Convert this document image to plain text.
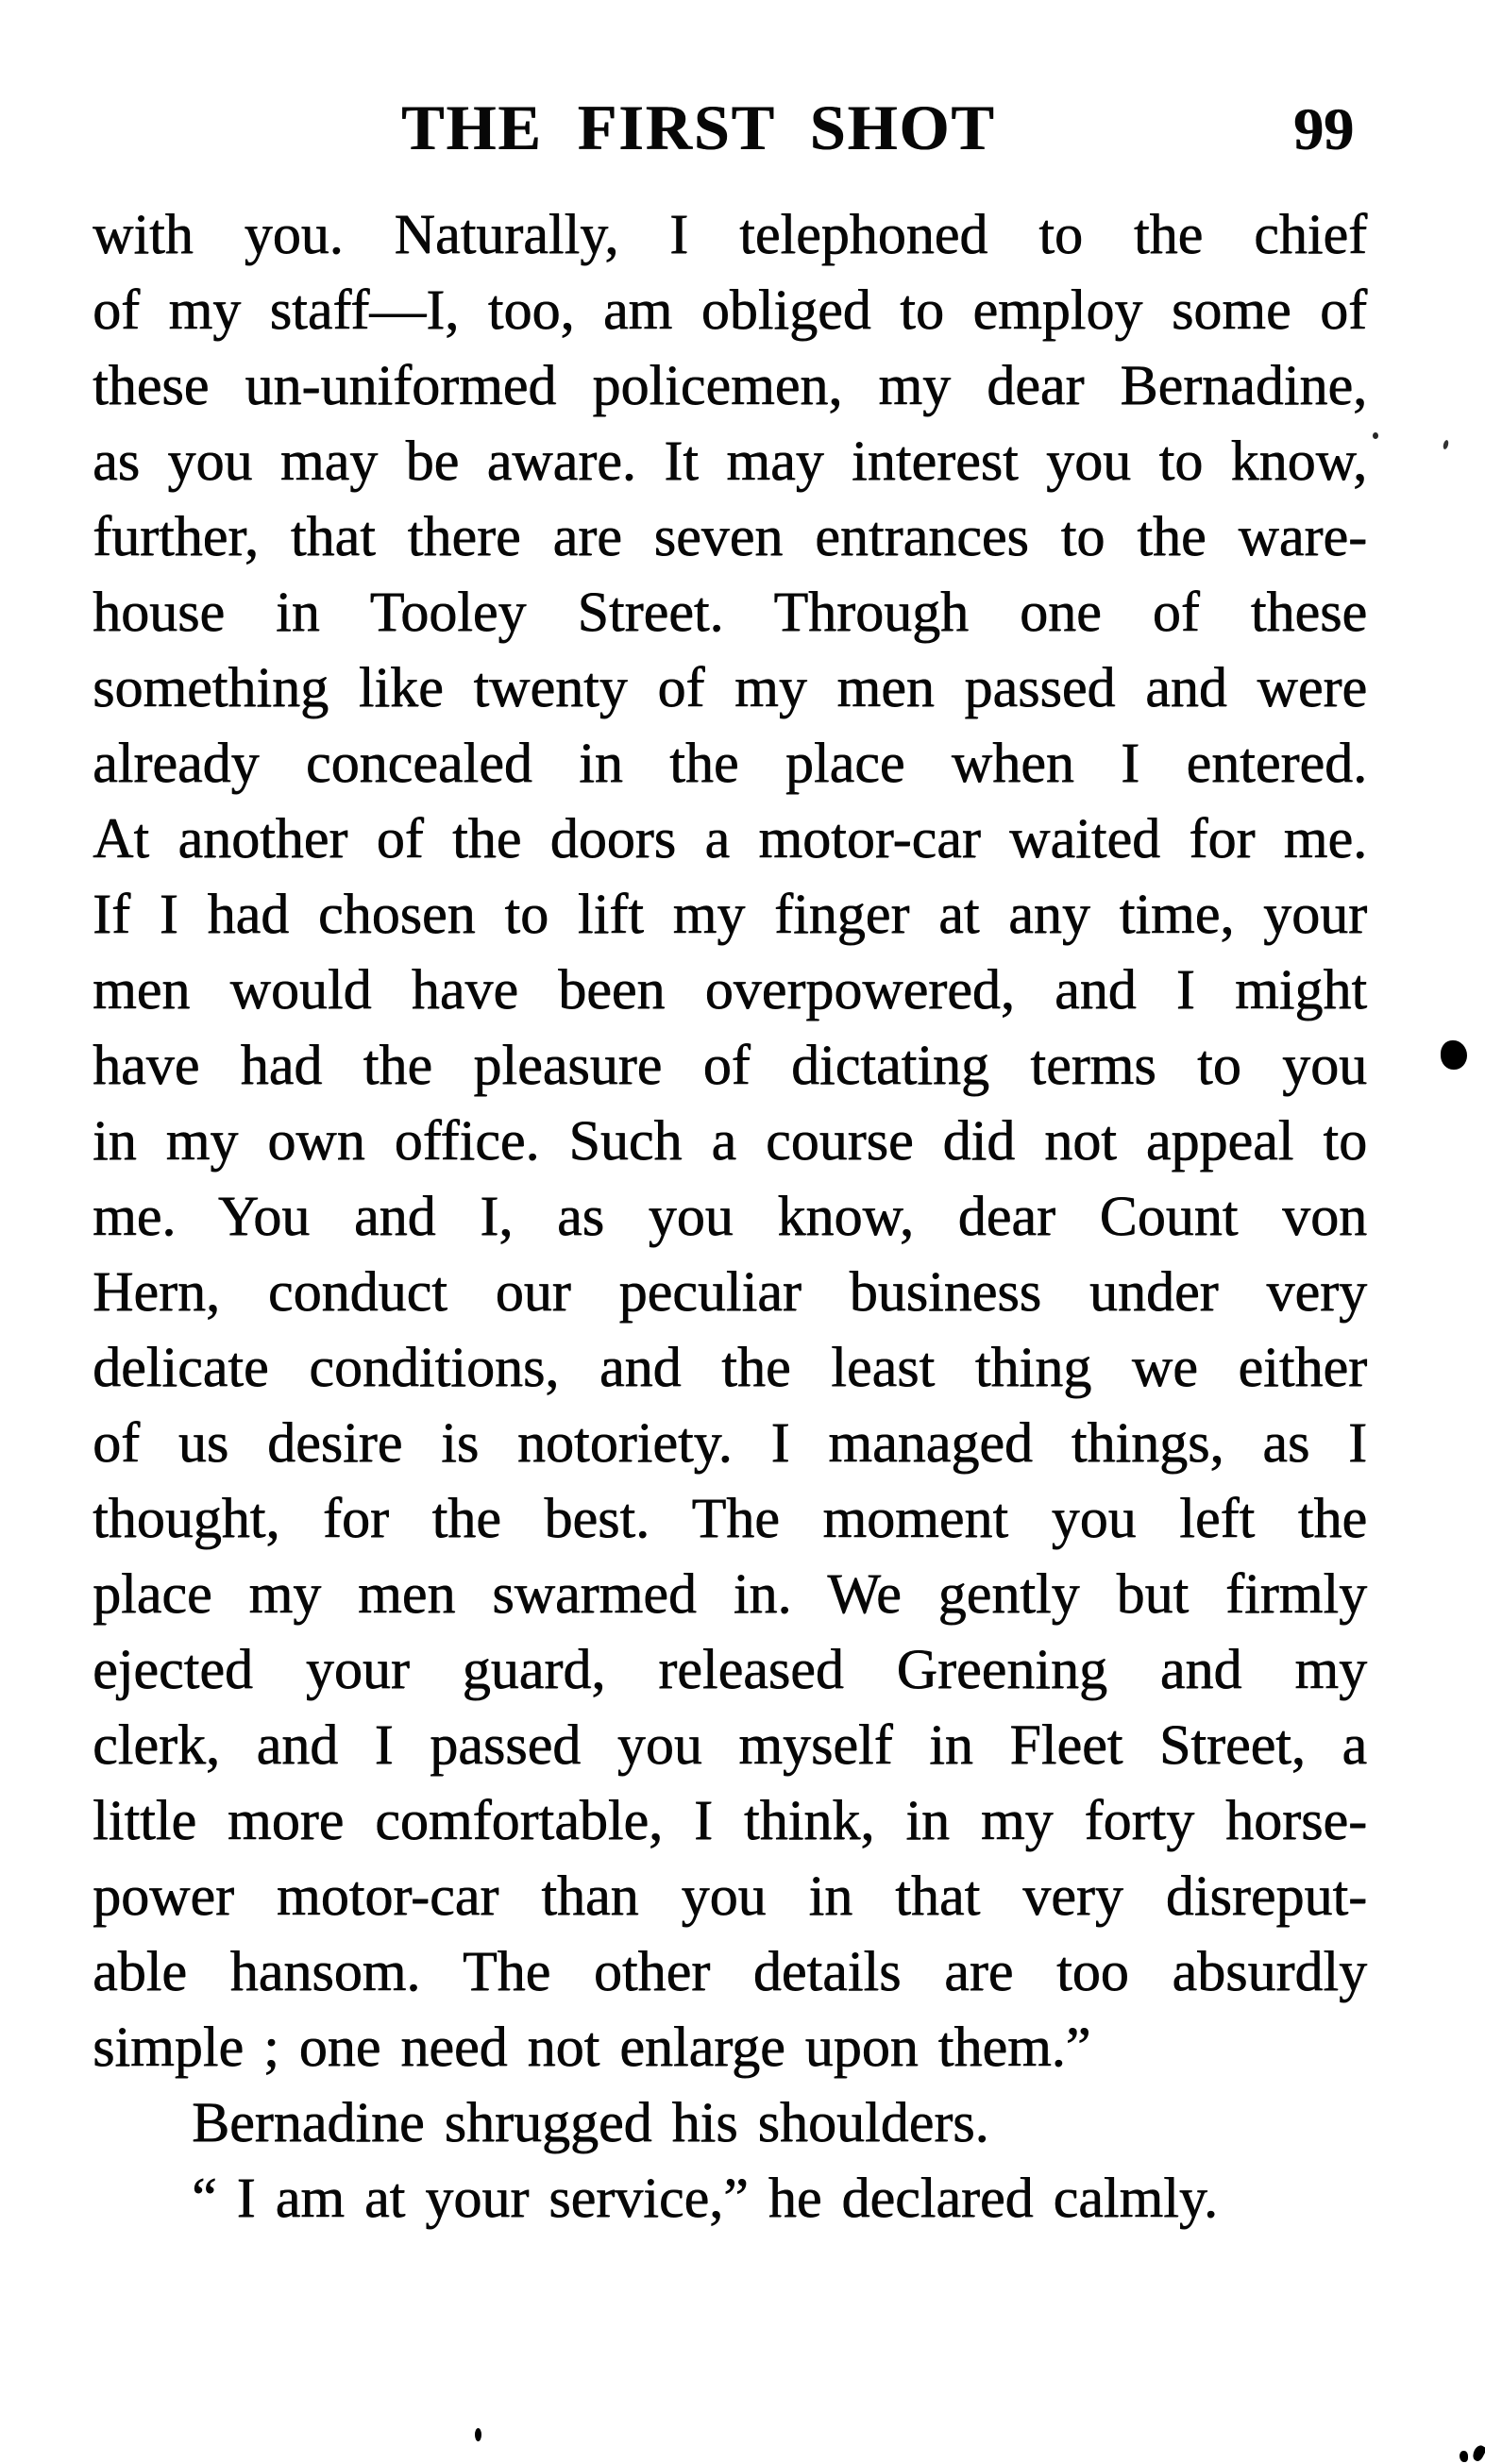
THE FIRST SHOT	99
with you. Naturally, I telephoned to the chief
of my staff—I, too, am obliged to employ some of
these un-uniformed policemen, my dear Bernadine,
as you may be aware. It may interest you to know,
further, that there are seven entrances to the ware-
house in Tooley Street. Through one of these
something like twenty of my men passed and were
already concealed in the place when I entered.
At another of the doors a motor-car waited for me.
If I had chosen to lift my finger at any time, your
men would have been overpowered, and I might
have had the pleasure of dictating terms to you
in my own office. Such a course did not appeal to
me. You and I, as you know, dear Count von
Hern, conduct our peculiar business under very
delicate conditions, and the least thing we either
of us desire is notoriety. I managed things, as I
thought, for the best. The moment you left the
place my men swarmed in. We gently but firmly
ejected your guard, released Greening and my
clerk, and I passed you myself in Fleet Street, a
little more comfortable, I think, in my forty horse-
power motor-car than you in that very disreput-
able hansom. The other details are too absurdly
simple ; one need not enlarge upon them.”
Bernadine shrugged his shoulders.
“ I am at your service,” he declared calmly.
